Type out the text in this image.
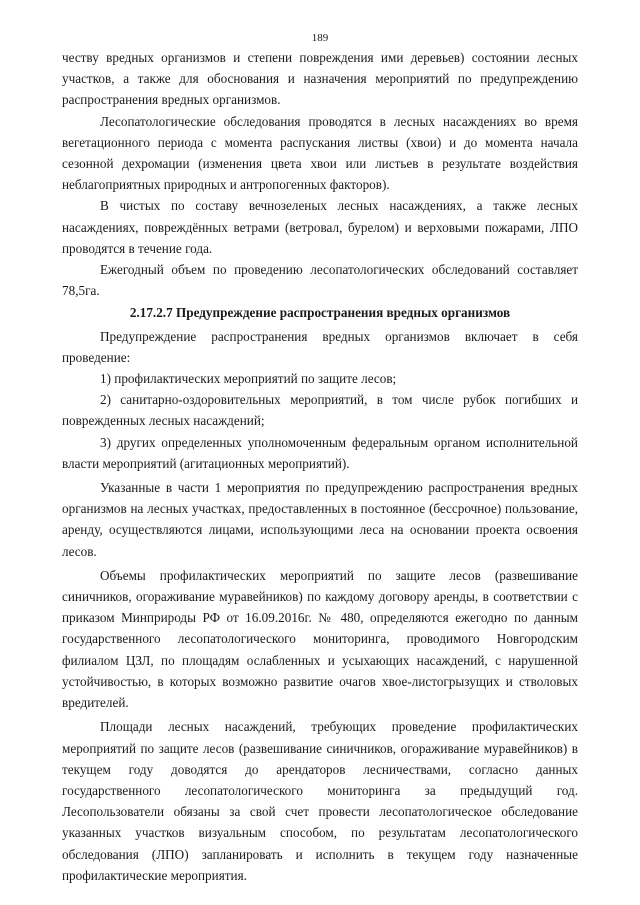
189

честву вредных организмов и степени повреждения ими деревьев) состоянии лесных участков, а также для обоснования и назначения мероприятий по предупреждению распространения вредных организмов.

Лесопатологические обследования проводятся в лесных насаждениях во время вегетационного периода с момента распускания листвы (хвои) и до момента начала сезонной дехромации (изменения цвета хвои или листьев в результате воздействия неблагоприятных природных и антропогенных факторов).

В чистых по составу вечнозеленых лесных насаждениях, а также лесных насаждениях, повреждённых ветрами (ветровал, бурелом) и верховыми пожарами, ЛПО проводятся в течение года.

Ежегодный объем по проведению лесопатологических обследований составляет 78,5га.

2.17.2.7 Предупреждение распространения вредных организмов

Предупреждение распространения вредных организмов включает в себя проведение:

1) профилактических мероприятий по защите лесов;

2) санитарно-оздоровительных мероприятий, в том числе рубок погибших и поврежденных лесных насаждений;

3) других определенных уполномоченным федеральным органом исполнительной власти мероприятий (агитационных мероприятий).

Указанные в части 1 мероприятия по предупреждению распространения вредных организмов на лесных участках, предоставленных в постоянное (бессрочное) пользование, аренду, осуществляются лицами, использующими леса на основании проекта освоения лесов.

Объемы профилактических мероприятий по защите лесов (развешивание синичников, огораживание муравейников) по каждому договору аренды, в соответствии с приказом Минприроды РФ от 16.09.2016г. № 480, определяются ежегодно по данным государственного лесопатологического мониторинга, проводимого Новгородским филиалом ЦЗЛ, по площадям ослабленных и усыхающих насаждений, с нарушенной устойчивостью, в которых возможно развитие очагов хвое-листогрызущих и стволовых вредителей.

Площади лесных насаждений, требующих проведение профилактических мероприятий по защите лесов (развешивание синичников, огораживание муравейников) в текущем году доводятся до арендаторов лесничествами, согласно данных государственного лесопатологического мониторинга за предыдущий год. Лесопользователи обязаны за свой счет провести лесопатологическое обследование указанных участков визуальным способом, по результатам лесопатологического обследования (ЛПО) запланировать и исполнить в текущем году назначенные профилактические мероприятия.
